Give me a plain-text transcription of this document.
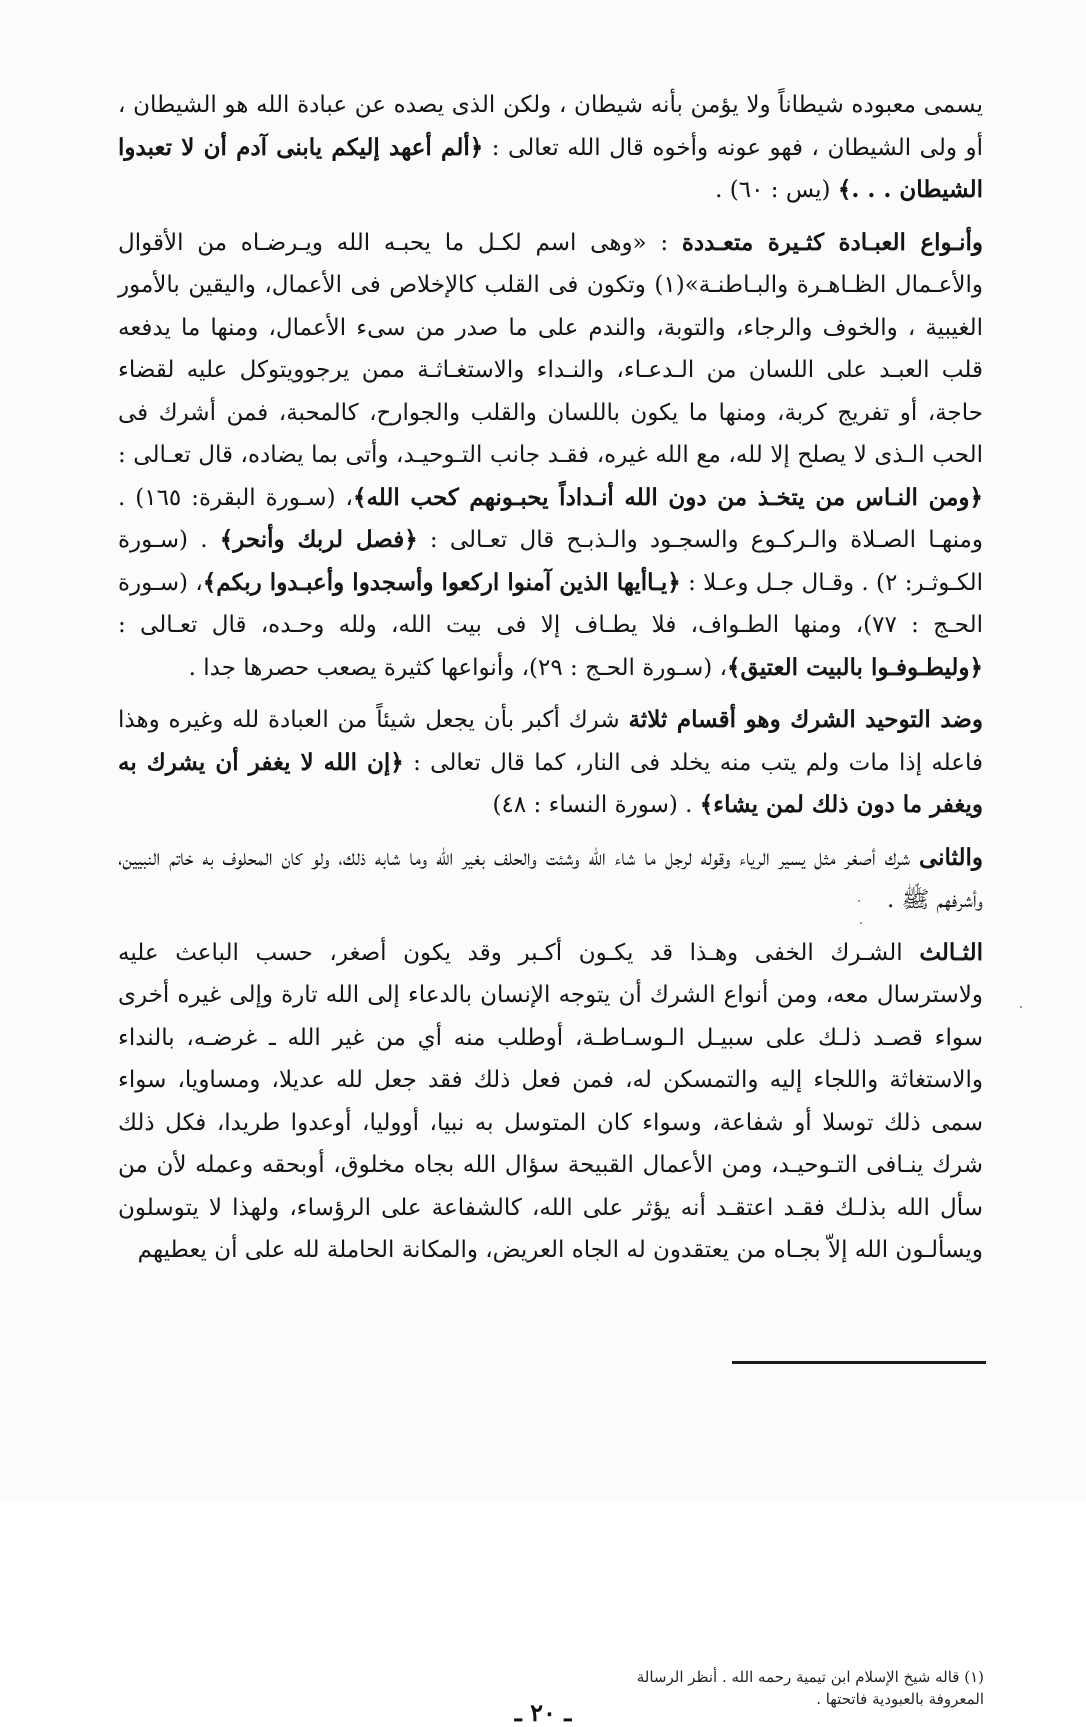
يسمى معبوده شيطاناً ولا يؤمن بأنه شيطان ، ولكن الذى يصده عن عبادة الله هو الشيطان ، أو ولى الشيطان ، فهو عونه وأخوه قال الله تعالى : ﴿ألم أعهد إليكم يابنى آدم أن لا تعبدوا الشيطان . . .﴾ (يس : ٦٠) .

وأنـواع العبـادة كثـيرة متعـددة : «وهى اسم لكـل ما يحبـه الله ويـرضـاه من الأقوال والأعـمال الظـاهـرة والبـاطنـة»(١) وتكون فى القلب كالإخلاص فى الأعمال، واليقين بالأمور الغيبية ، والخوف والرجاء، والتوبة، والندم على ما صدر من سىء الأعمال، ومنها ما يدفعه قلب العبـد على اللسان من الـدعـاء، والنـداء والاستغـاثـة ممن يرجوويتوكل عليه لقضاء حاجة، أو تفريج كربة، ومنها ما يكون باللسان والقلب والجوارح، كالمحبة، فمن أشرك فى الحب الـذى لا يصلح إلا لله، مع الله غيره، فقـد جانب التـوحيـد، وأتى بما يضاده، قال تعـالى : ﴿ومن النـاس من يتخـذ من دون الله أنـداداً يحبـونهم كحب الله﴾، (سـورة البقرة: ١٦٥) . ومنهـا الصـلاة والـركـوع والسجـود والـذبـح قال تعـالى : ﴿فصل لربك وأنحر﴾ . (سـورة الكـوثـر: ٢) . وقـال جـل وعـلا : ﴿يـاأيها الذين آمنوا اركعوا وأسجدوا وأعبـدوا ربكم﴾، (سـورة الحـج : ٧٧)، ومنها الطـواف، فلا يطـاف إلا فى بيت الله، ولله وحـده، قال تعـالى : ﴿وليطـوفـوا بالبيت العتيق﴾، (سـورة الحـج : ٢٩)، وأنواعها كثيرة يصعب حصرها جدا .

وضد التوحيد الشرك وهو أقسام ثلاثة شرك أكبر بأن يجعل شيئاً من العبادة لله وغيره وهذا فاعله إذا مات ولم يتب منه يخلد فى النار، كما قال تعالى : ﴿إن الله لا يغفر أن يشرك به ويغفر ما دون ذلك لمن يشاء﴾ . (سورة النساء : ٤٨)

والثانى شرك أصغر مثل يسير الرياء وقوله لرجل ما شاء الله وشئت والحلف بغير الله وما شابه ذلك، ولو كان المحلوف به خاتم النبيين، وأشرفهم ﷺ .

الثـالث الشـرك الخفى وهـذا قد يكـون أكـبر وقد يكون أصغر، حسب الباعث عليه ولاسترسال معه، ومن أنواع الشرك أن يتوجه الإنسان بالدعاء إلى الله تارة وإلى غيره أخرى سواء قصـد ذلـك على سبيـل الـوسـاطـة، أوطلب منه أي من غير الله ـ غرضـه، بالنداء والاستغاثة واللجاء إليه والتمسكن له، فمن فعل ذلك فقد جعل لله عديلا، ومساويا، سواء سمى ذلك توسلا أو شفاعة، وسواء كان المتوسل به نبيا، أووليا، أوعدوا طريدا، فكل ذلك شرك ينـافى التـوحيـد، ومن الأعمال القبيحة سؤال الله بجاه مخلوق، أوبحقه وعمله لأن من سأل الله بذلـك فقـد اعتقـد أنه يؤثر على الله، كالشفاعة على الرؤساء، ولهذا لا يتوسلون ويسألـون الله إلاّ بجـاه من يعتقدون له الجاه العريض، والمكانة الحاملة لله على أن يعطيهم

(١) قاله شيخ الإسلام ابن تيمية رحمه الله . أنظر الرسالة المعروفة بالعبودية فاتحتها .
ـ ٢٠ ـ
